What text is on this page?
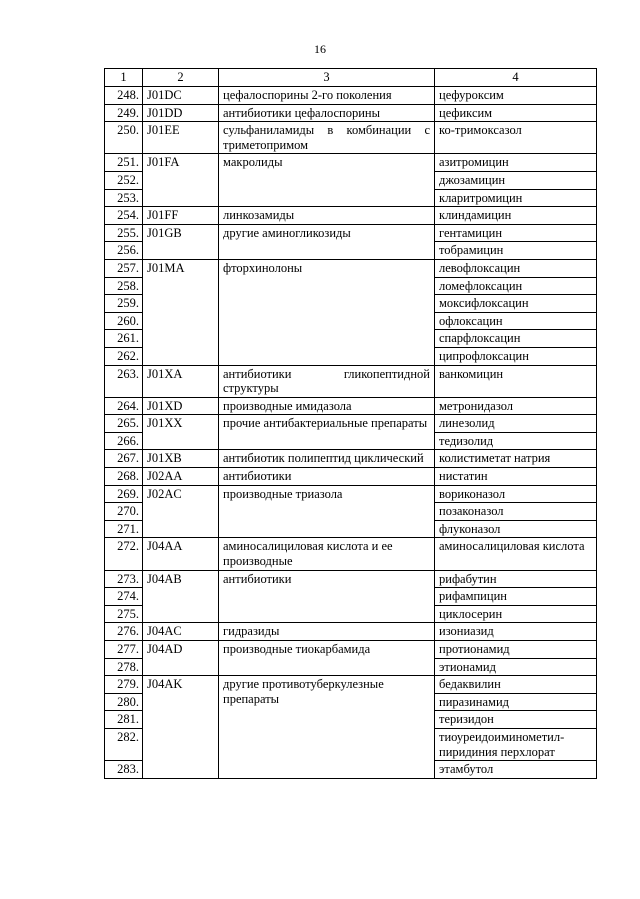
16
1	2	3	4
248.	J01DC	цефалоспорины 2-го поколения	цефуроксим
249.	J01DD	антибиотики цефалоспорины	цефиксим
250.	J01EE	сульфаниламиды в комбинации с триметопримом	ко-тримоксазол
251.	J01FA	макролиды	азитромицин
252.			джозамицин
253.			кларитромицин
254.	J01FF	линкозамиды	клиндамицин
255.	J01GB	другие аминогликозиды	гентамицин
256.			тобрамицин
257.	J01MA	фторхинолоны	левофлоксацин
258.			ломефлоксацин
259.			моксифлоксацин
260.			офлоксацин
261.			спарфлоксацин
262.			ципрофлоксацин
263.	J01XA	антибиотики гликопептидной структуры	ванкомицин
264.	J01XD	производные имидазола	метронидазол
265.	J01XX	прочие антибактериальные препараты	линезолид
266.			тедизолид
267.	J01XB	антибиотик полипептид циклический	колистиметат натрия
268.	J02AA	антибиотики	нистатин
269.	J02AC	производные триазола	вориконазол
270.			позаконазол
271.			флуконазол
272.	J04AA	аминосалициловая кислота и ее производные	аминосалициловая кислота
273.	J04AB	антибиотики	рифабутин
274.			рифампицин
275.			циклосерин
276.	J04AC	гидразиды	изониазид
277.	J04AD	производные тиокарбамида	протионамид
278.			этионамид
279.	J04AK	другие противотуберкулезные препараты	бедаквилин
280.			пиразинамид
281.			теризидон
282.			тиоуреидоиминометил-пиридиния перхлорат
283.			этамбутол
